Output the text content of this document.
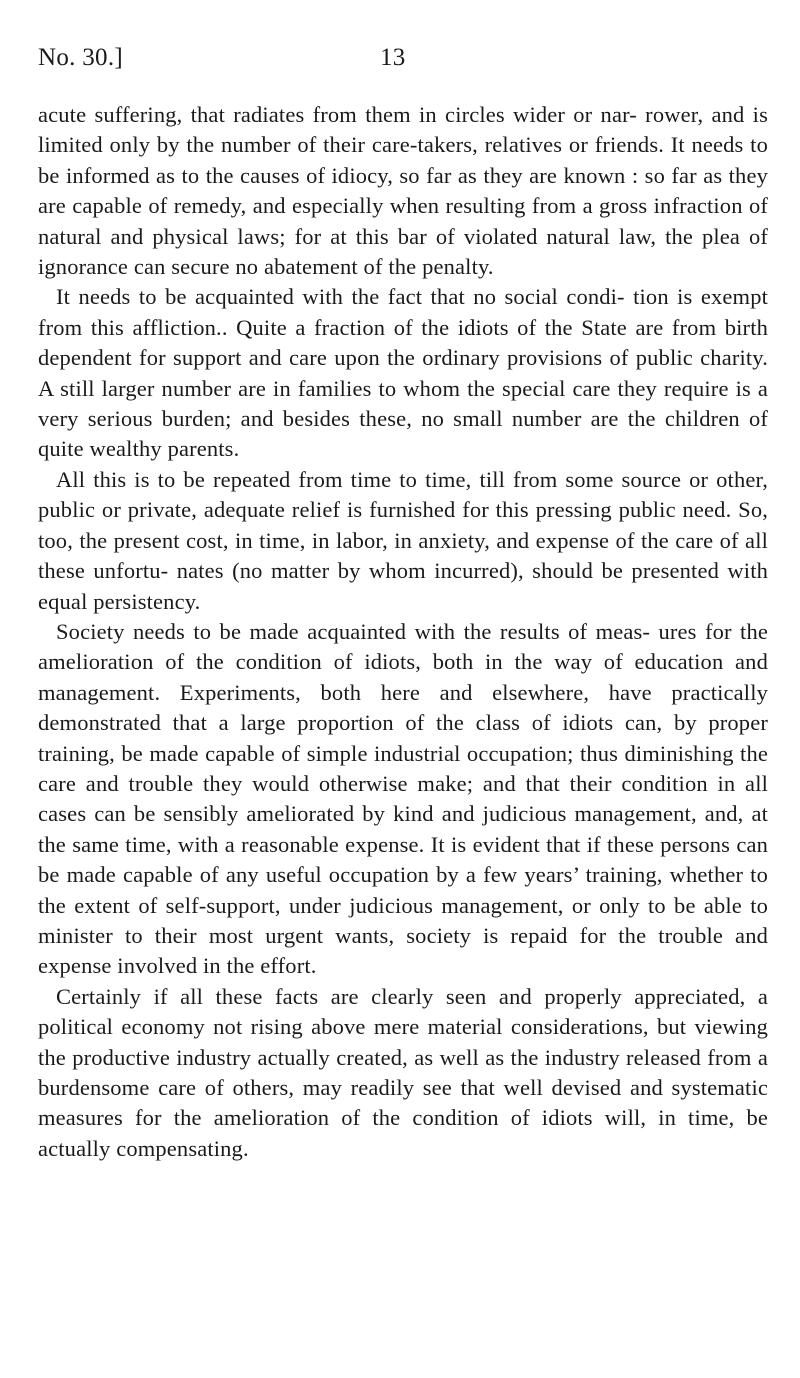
No. 30.]	13

acute suffering, that radiates from them in circles wider or nar- rower, and is limited only by the number of their care-takers, relatives or friends. It needs to be informed as to the causes of idiocy, so far as they are known : so far as they are capable of remedy, and especially when resulting from a gross infraction of natural and physical laws; for at this bar of violated natural law, the plea of ignorance can secure no abatement of the penalty.

It needs to be acquainted with the fact that no social condi- tion is exempt from this affliction.. Quite a fraction of the idiots of the State are from birth dependent for support and care upon the ordinary provisions of public charity. A still larger number are in families to whom the special care they require is a very serious burden; and besides these, no small number are the children of quite wealthy parents.

All this is to be repeated from time to time, till from some source or other, public or private, adequate relief is furnished for this pressing public need. So, too, the present cost, in time, in labor, in anxiety, and expense of the care of all these unfortu- nates (no matter by whom incurred), should be presented with equal persistency.

Society needs to be made acquainted with the results of meas- ures for the amelioration of the condition of idiots, both in the way of education and management. Experiments, both here and elsewhere, have practically demonstrated that a large proportion of the class of idiots can, by proper training, be made capable of simple industrial occupation; thus diminishing the care and trouble they would otherwise make; and that their condition in all cases can be sensibly ameliorated by kind and judicious management, and, at the same time, with a reasonable expense. It is evident that if these persons can be made capable of any useful occupation by a few years’ training, whether to the extent of self-support, under judicious management, or only to be able to minister to their most urgent wants, society is repaid for the trouble and expense involved in the effort.

Certainly if all these facts are clearly seen and properly appreciated, a political economy not rising above mere material considerations, but viewing the productive industry actually created, as well as the industry released from a burdensome care of others, may readily see that well devised and systematic measures for the amelioration of the condition of idiots will, in time, be actually compensating.
